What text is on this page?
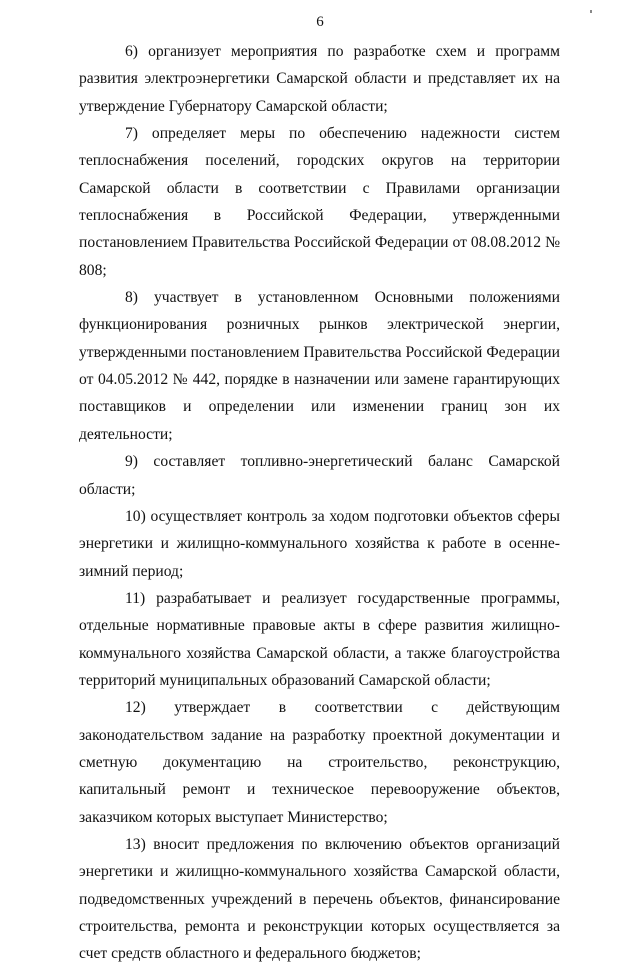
6

6) организует мероприятия по разработке схем и программ развития электроэнергетики Самарской области и представляет их на утверждение Губернатору Самарской области;

7) определяет меры по обеспечению надежности систем теплоснабжения поселений, городских округов на территории Самарской области в соответствии с Правилами организации теплоснабжения в Российской Федерации, утвержденными постановлением Правительства Российской Федерации от 08.08.2012 № 808;

8) участвует в установленном Основными положениями функционирования розничных рынков электрической энергии, утвержденными постановлением Правительства Российской Федерации от 04.05.2012 № 442, порядке в назначении или замене гарантирующих поставщиков и определении или изменении границ зон их деятельности;

9) составляет топливно-энергетический баланс Самарской области;

10) осуществляет контроль за ходом подготовки объектов сферы энергетики и жилищно-коммунального хозяйства к работе в осенне-зимний период;

11) разрабатывает и реализует государственные программы, отдельные нормативные правовые акты в сфере развития жилищно-коммунального хозяйства Самарской области, а также благоустройства территорий муниципальных образований Самарской области;

12) утверждает в соответствии с действующим законодательством задание на разработку проектной документации и сметную документацию на строительство, реконструкцию, капитальный ремонт и техническое перевооружение объектов, заказчиком которых выступает Министерство;

13) вносит предложения по включению объектов организаций энергетики и жилищно-коммунального хозяйства Самарской области, подведомственных учреждений в перечень объектов, финансирование строительства, ремонта и реконструкции которых осуществляется за счет средств областного и федерального бюджетов;
